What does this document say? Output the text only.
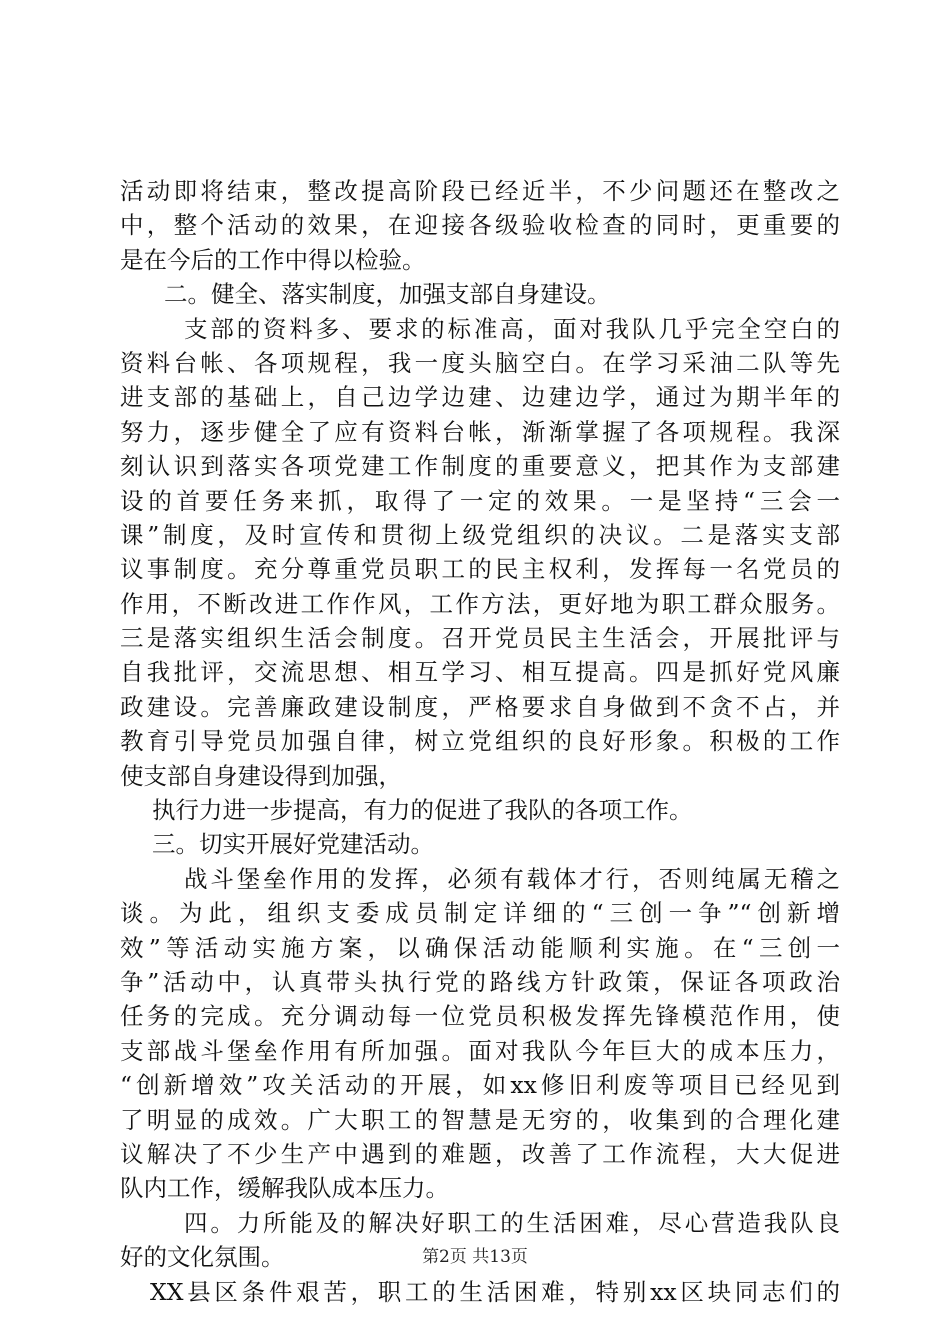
活动即将结束，整改提高阶段已经近半，不少问题还在整改之
中，整个活动的效果，在迎接各级验收检查的同时，更重要的
是在今后的工作中得以检验。
二。健全、落实制度，加强支部自身建设。
支部的资料多、要求的标准高，面对我队几乎完全空白的
资料台帐、各项规程，我一度头脑空白。在学习采油二队等先
进支部的基础上，自己边学边建、边建边学，通过为期半年的
努力，逐步健全了应有资料台帐，渐渐掌握了各项规程。我深
刻认识到落实各项党建工作制度的重要意义，把其作为支部建
设的首要任务来抓，取得了一定的效果。一是坚持“三会一
课”制度，及时宣传和贯彻上级党组织的决议。二是落实支部
议事制度。充分尊重党员职工的民主权利，发挥每一名党员的
作用，不断改进工作作风，工作方法，更好地为职工群众服务。
三是落实组织生活会制度。召开党员民主生活会，开展批评与
自我批评，交流思想、相互学习、相互提高。四是抓好党风廉
政建设。完善廉政建设制度，严格要求自身做到不贪不占，并
教育引导党员加强自律，树立党组织的良好形象。积极的工作
使支部自身建设得到加强，
执行力进一步提高，有力的促进了我队的各项工作。
三。切实开展好党建活动。
战斗堡垒作用的发挥，必须有载体才行，否则纯属无稽之
谈。为此，组织支委成员制定详细的“三创一争”“创新增
效”等活动实施方案，以确保活动能顺利实施。在“三创一
争”活动中，认真带头执行党的路线方针政策，保证各项政治
任务的完成。充分调动每一位党员积极发挥先锋模范作用，使
支部战斗堡垒作用有所加强。面对我队今年巨大的成本压力，
“创新增效”攻关活动的开展，如xx修旧利废等项目已经见到
了明显的成效。广大职工的智慧是无穷的，收集到的合理化建
议解决了不少生产中遇到的难题，改善了工作流程，大大促进
队内工作，缓解我队成本压力。
四。力所能及的解决好职工的生活困难，尽心营造我队良
好的文化氛围。
XX县区条件艰苦，职工的生活困难，特别xx区块同志们的
第2页 共13页
